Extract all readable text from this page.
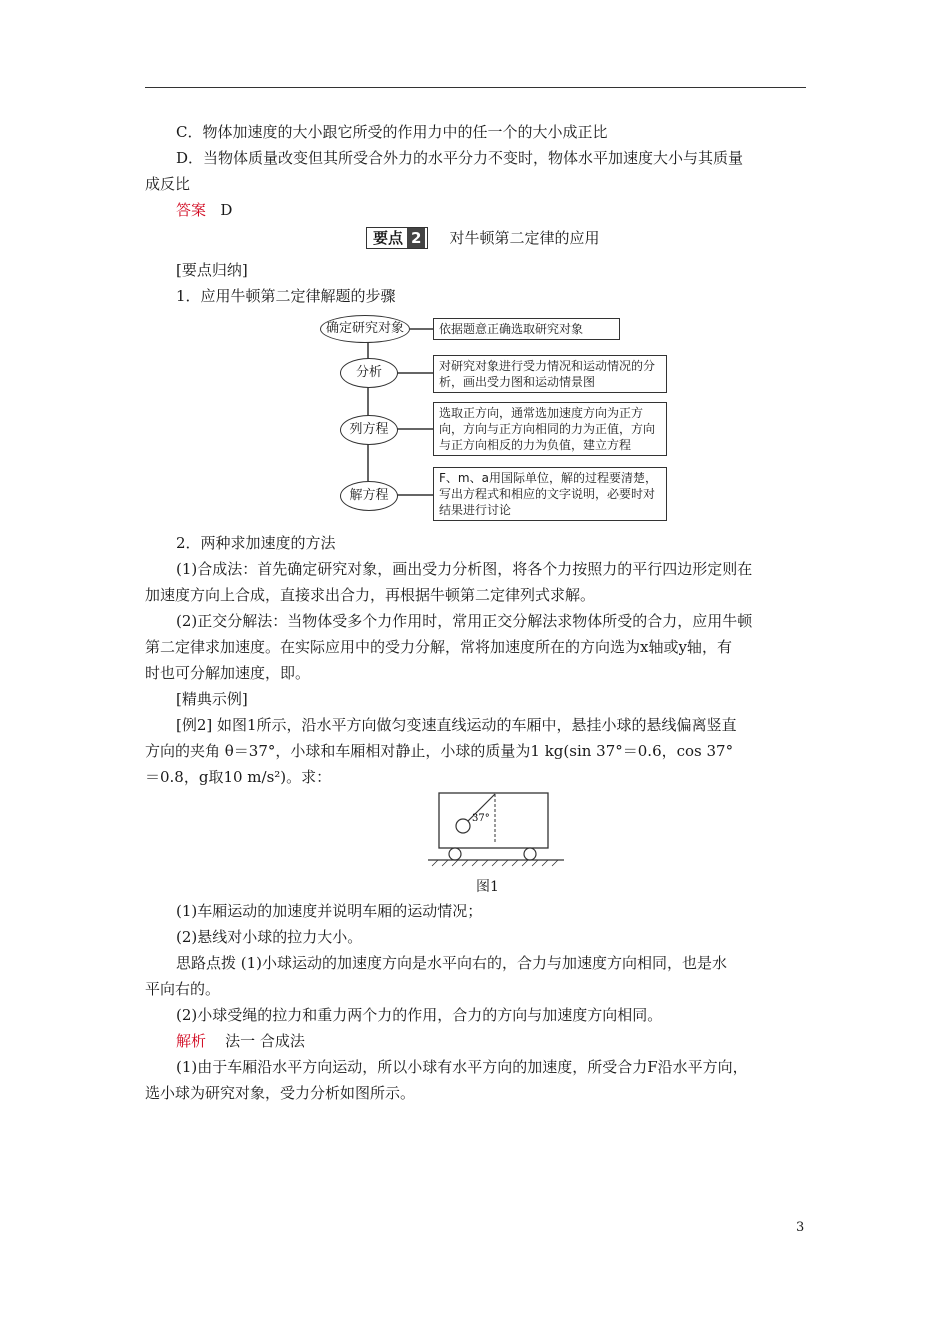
C．物体加速度的大小跟它所受的作用力中的任一个的大小成正比
D．当物体质量改变但其所受合外力的水平分力不变时，物体水平加速度大小与其质量
成反比
答案 D
要点 2 对牛顿第二定律的应用
[要点归纳]
1．应用牛顿第二定律解题的步骤
确定研究对象	依据题意正确选取研究对象
分析	对研究对象进行受力情况和运动情况的分析，画出受力图和运动情景图
列方程
选取正方向，通常选加速度方向为正方向，方向与正方向相同的力为正值，方向与正方向相反的力为负值，建立方程
解方程
F、m、a用国际单位，解的过程要清楚，写出方程式和相应的文字说明，必要时对结果进行讨论
2．两种求加速度的方法
(1)合成法：首先确定研究对象，画出受力分析图，将各个力按照力的平行四边形定则在
加速度方向上合成，直接求出合力，再根据牛顿第二定律列式求解。
(2)正交分解法：当物体受多个力作用时，常用正交分解法求物体所受的合力，应用牛顿
第二定律求加速度。在实际应用中的受力分解，常将加速度所在的方向选为x轴或y轴，有
时也可分解加速度，即。
[精典示例]
[例2] 如图1所示，沿水平方向做匀变速直线运动的车厢中，悬挂小球的悬线偏离竖直
方向的夹角 θ＝37°，小球和车厢相对静止，小球的质量为1 kg(sin 37°＝0.6，cos 37°
＝0.8，g取10 m/s²)。求：
37°
图1
(1)车厢运动的加速度并说明车厢的运动情况；
(2)悬线对小球的拉力大小。
思路点拨 (1)小球运动的加速度方向是水平向右的，合力与加速度方向相同，也是水
平向右的。
(2)小球受绳的拉力和重力两个力的作用，合力的方向与加速度方向相同。
解析 法一 合成法
(1)由于车厢沿水平方向运动，所以小球有水平方向的加速度，所受合力F沿水平方向，
选小球为研究对象，受力分析如图所示。
3
